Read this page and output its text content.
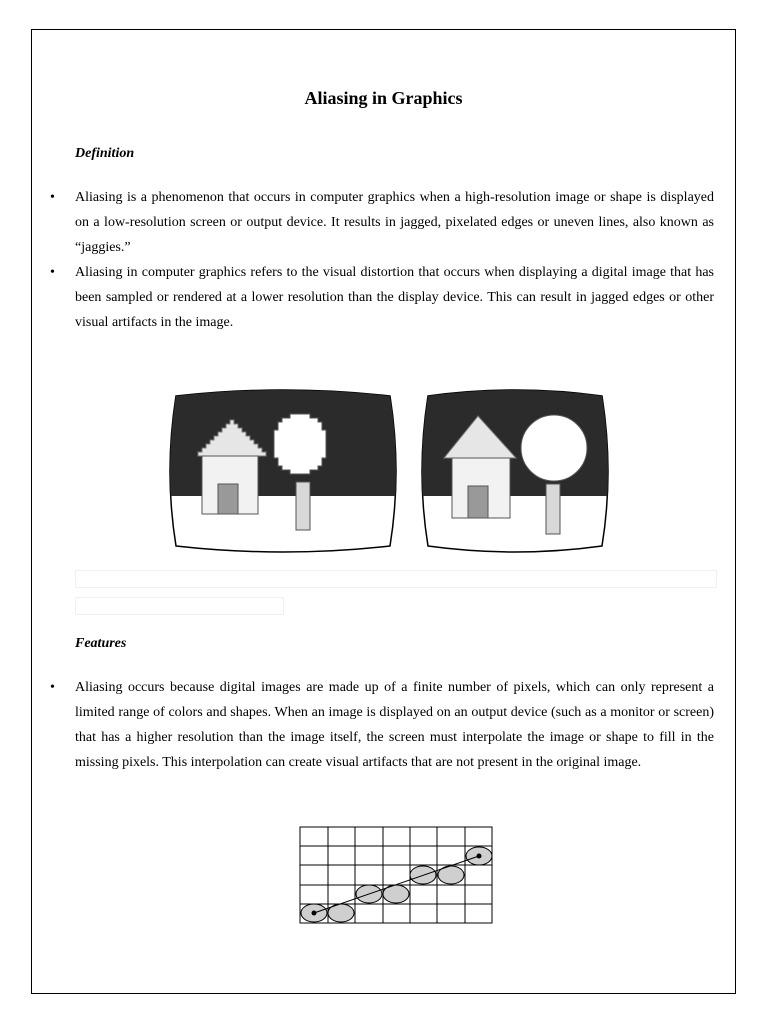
Aliasing in Graphics
Definition
• Aliasing is a phenomenon that occurs in computer graphics when a high-resolution image or shape is displayed on a low-resolution screen or output device. It results in jagged, pixelated edges or uneven lines, also known as “jaggies.”
• Aliasing in computer graphics refers to the visual distortion that occurs when displaying a digital image that has been sampled or rendered at a lower resolution than the display device. This can result in jagged edges or other visual artifacts in the image.
Features
• Aliasing occurs because digital images are made up of a finite number of pixels, which can only represent a limited range of colors and shapes. When an image is displayed on an output device (such as a monitor or screen) that has a higher resolution than the image itself, the screen must interpolate the image or shape to fill in the missing pixels. This interpolation can create visual artifacts that are not present in the original image.
